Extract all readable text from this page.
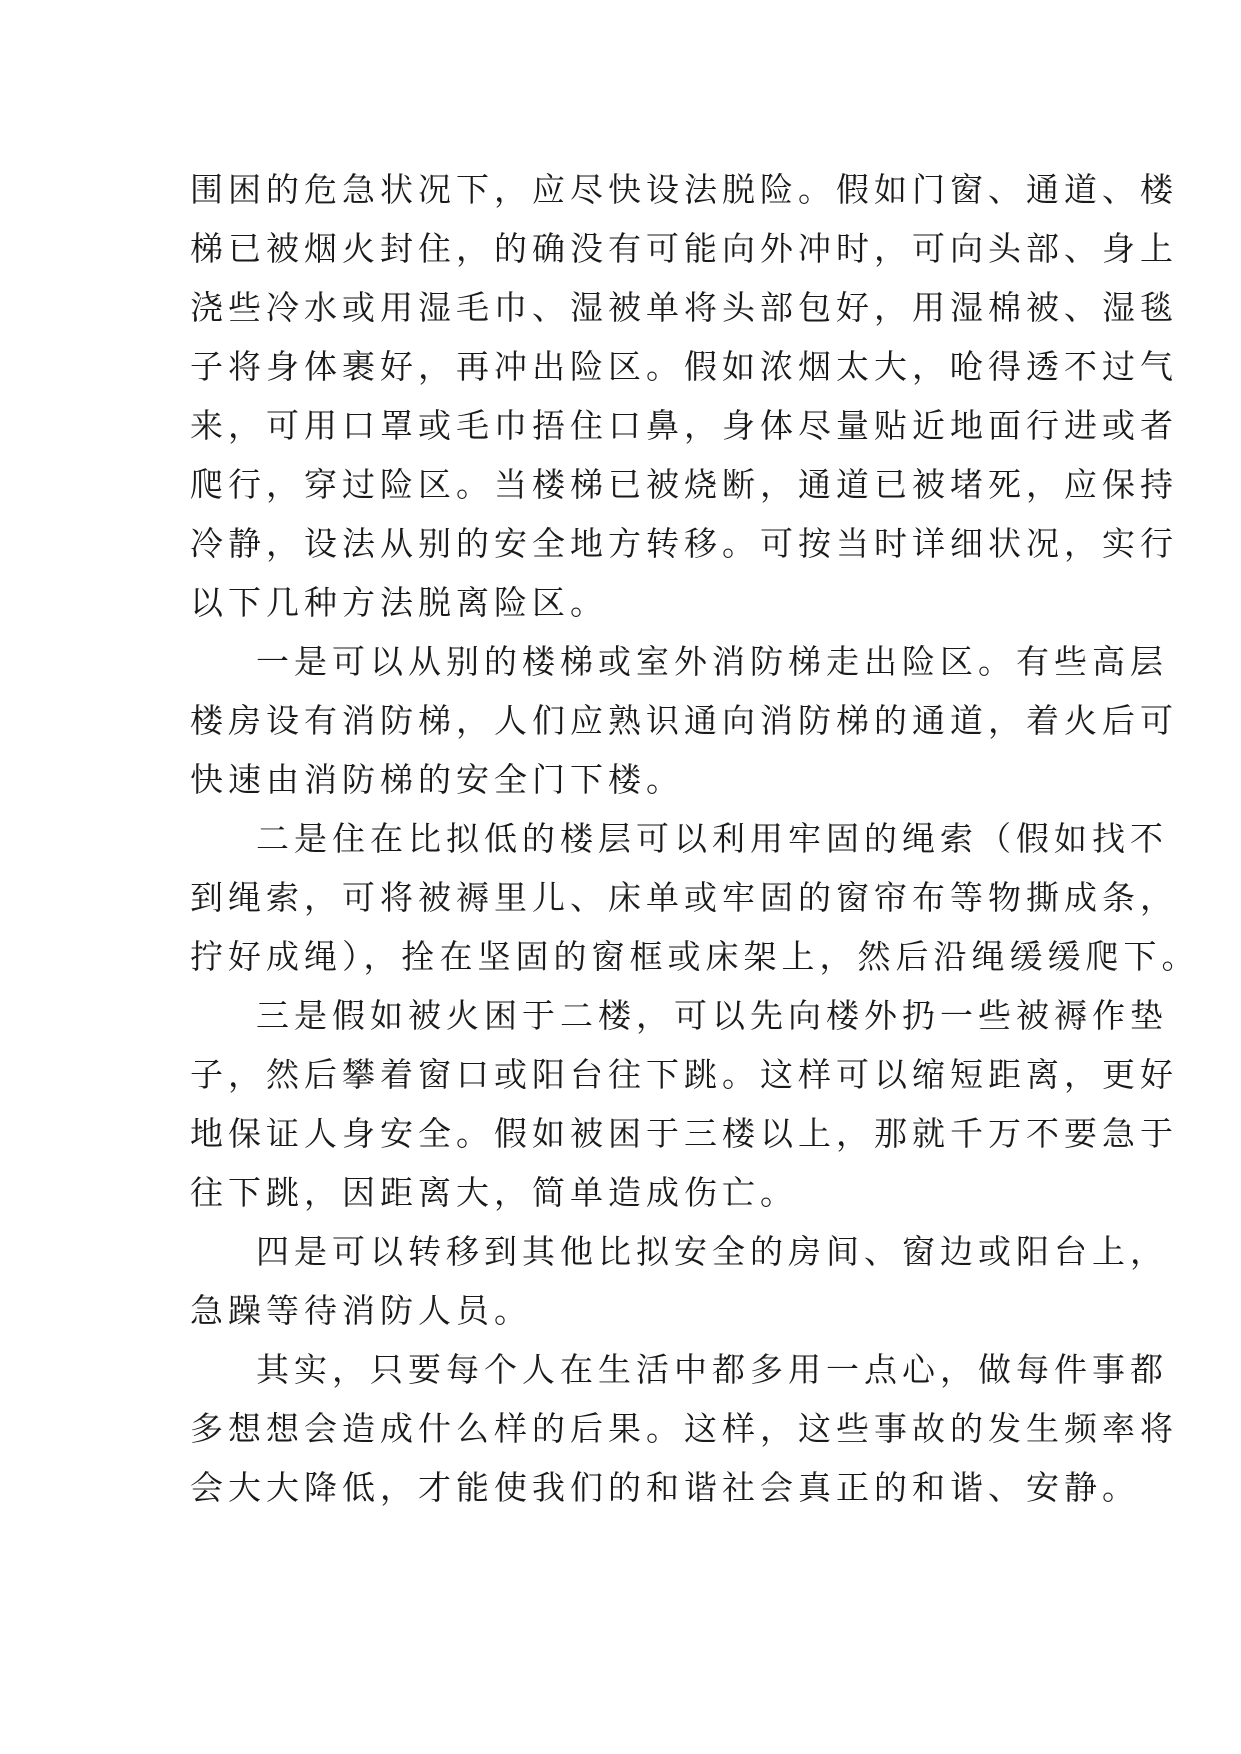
围困的危急状况下，应尽快设法脱险。假如门窗、通道、楼
梯已被烟火封住，的确没有可能向外冲时，可向头部、身上
浇些冷水或用湿毛巾、湿被单将头部包好，用湿棉被、湿毯
子将身体裹好，再冲出险区。假如浓烟太大，呛得透不过气
来，可用口罩或毛巾捂住口鼻，身体尽量贴近地面行进或者
爬行，穿过险区。当楼梯已被烧断，通道已被堵死，应保持
冷静，设法从别的安全地方转移。可按当时详细状况，实行
以下几种方法脱离险区。

一是可以从别的楼梯或室外消防梯走出险区。有些高层
楼房设有消防梯，人们应熟识通向消防梯的通道，着火后可
快速由消防梯的安全门下楼。

二是住在比拟低的楼层可以利用牢固的绳索（假如找不
到绳索，可将被褥里儿、床单或牢固的窗帘布等物撕成条，
拧好成绳），拴在坚固的窗框或床架上，然后沿绳缓缓爬下。

三是假如被火困于二楼，可以先向楼外扔一些被褥作垫
子，然后攀着窗口或阳台往下跳。这样可以缩短距离，更好
地保证人身安全。假如被困于三楼以上，那就千万不要急于
往下跳，因距离大，简单造成伤亡。

四是可以转移到其他比拟安全的房间、窗边或阳台上，
急躁等待消防人员。

其实，只要每个人在生活中都多用一点心，做每件事都
多想想会造成什么样的后果。这样，这些事故的发生频率将
会大大降低，才能使我们的和谐社会真正的和谐、安静。
